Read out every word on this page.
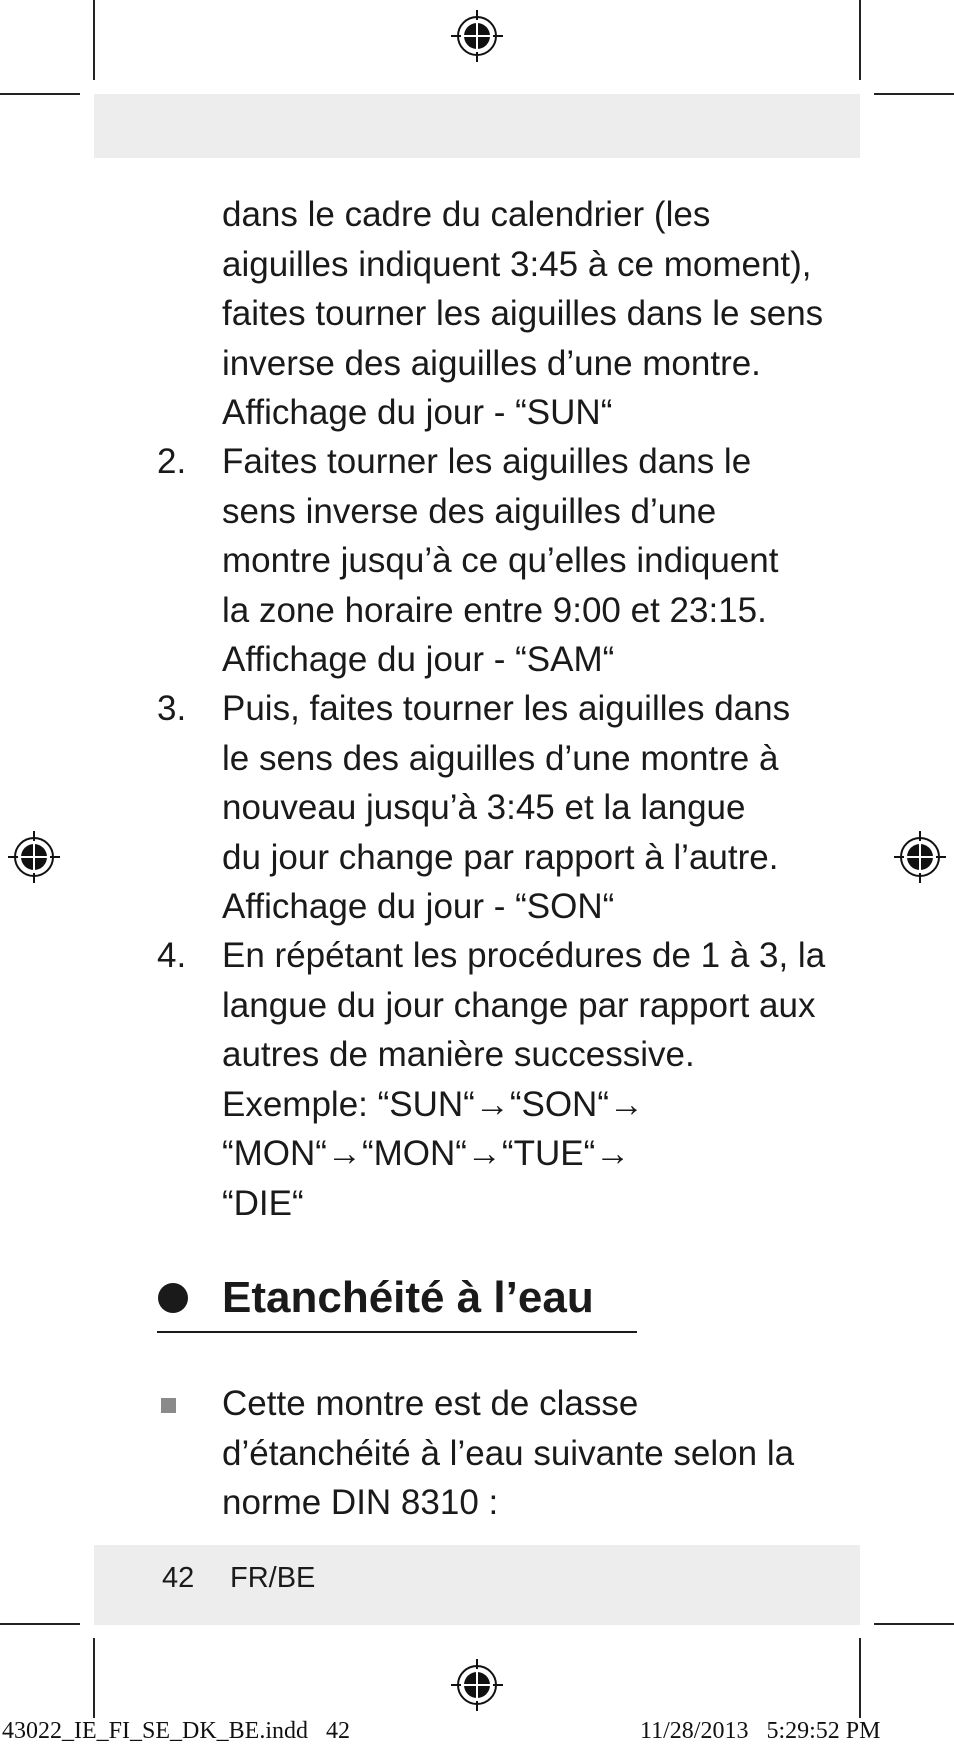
dans le cadre du calendrier (les
aiguilles indiquent 3:45 à ce moment),
faites tourner les aiguilles dans le sens
inverse des aiguilles d’une montre.
Affichage du jour - “SUN“
2. Faites tourner les aiguilles dans le
sens inverse des aiguilles d’une
montre jusqu’à ce qu’elles indiquent
la zone horaire entre 9:00 et 23:15.
Affichage du jour - “SAM“
3. Puis, faites tourner les aiguilles dans
le sens des aiguilles d’une montre à
nouveau jusqu’à 3:45 et la langue
du jour change par rapport à l’autre.
Affichage du jour - “SON“
4. En répétant les procédures de 1 à 3, la
langue du jour change par rapport aux
autres de manière successive.
Exemple: “SUN“→“SON“→
“MON“→“MON“→“TUE“→
“DIE“
Etanchéité à l’eau
Cette montre est de classe
d’étanchéité à l’eau suivante selon la
norme DIN 8310 :
42 FR/BE
43022_IE_FI_SE_DK_BE.indd   42	11/28/2013   5:29:52 PM
